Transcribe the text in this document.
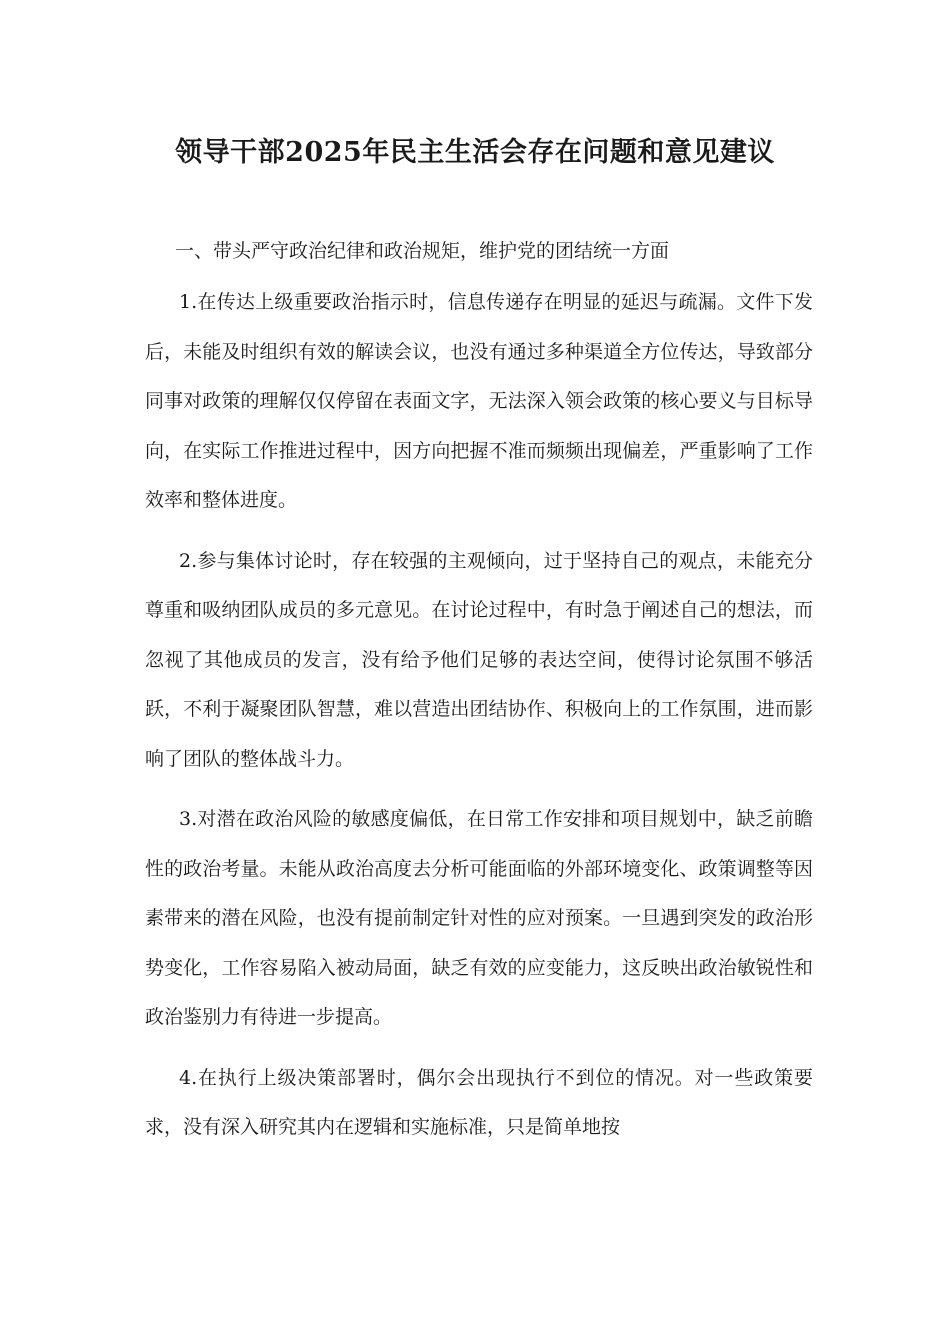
领导干部2025年民主生活会存在问题和意见建议

一、带头严守政治纪律和政治规矩，维护党的团结统一方面

1.在传达上级重要政治指示时，信息传递存在明显的延迟与疏漏。文件下发后，未能及时组织有效的解读会议，也没有通过多种渠道全方位传达，导致部分同事对政策的理解仅仅停留在表面文字，无法深入领会政策的核心要义与目标导向，在实际工作推进过程中，因方向把握不准而频频出现偏差，严重影响了工作效率和整体进度。

2.参与集体讨论时，存在较强的主观倾向，过于坚持自己的观点，未能充分尊重和吸纳团队成员的多元意见。在讨论过程中，有时急于阐述自己的想法，而忽视了其他成员的发言，没有给予他们足够的表达空间，使得讨论氛围不够活跃，不利于凝聚团队智慧，难以营造出团结协作、积极向上的工作氛围，进而影响了团队的整体战斗力。

3.对潜在政治风险的敏感度偏低，在日常工作安排和项目规划中，缺乏前瞻性的政治考量。未能从政治高度去分析可能面临的外部环境变化、政策调整等因素带来的潜在风险，也没有提前制定针对性的应对预案。一旦遇到突发的政治形势变化，工作容易陷入被动局面，缺乏有效的应变能力，这反映出政治敏锐性和政治鉴别力有待进一步提高。

4.在执行上级决策部署时，偶尔会出现执行不到位的情况。对一些政策要求，没有深入研究其内在逻辑和实施标准，只是简单地按
